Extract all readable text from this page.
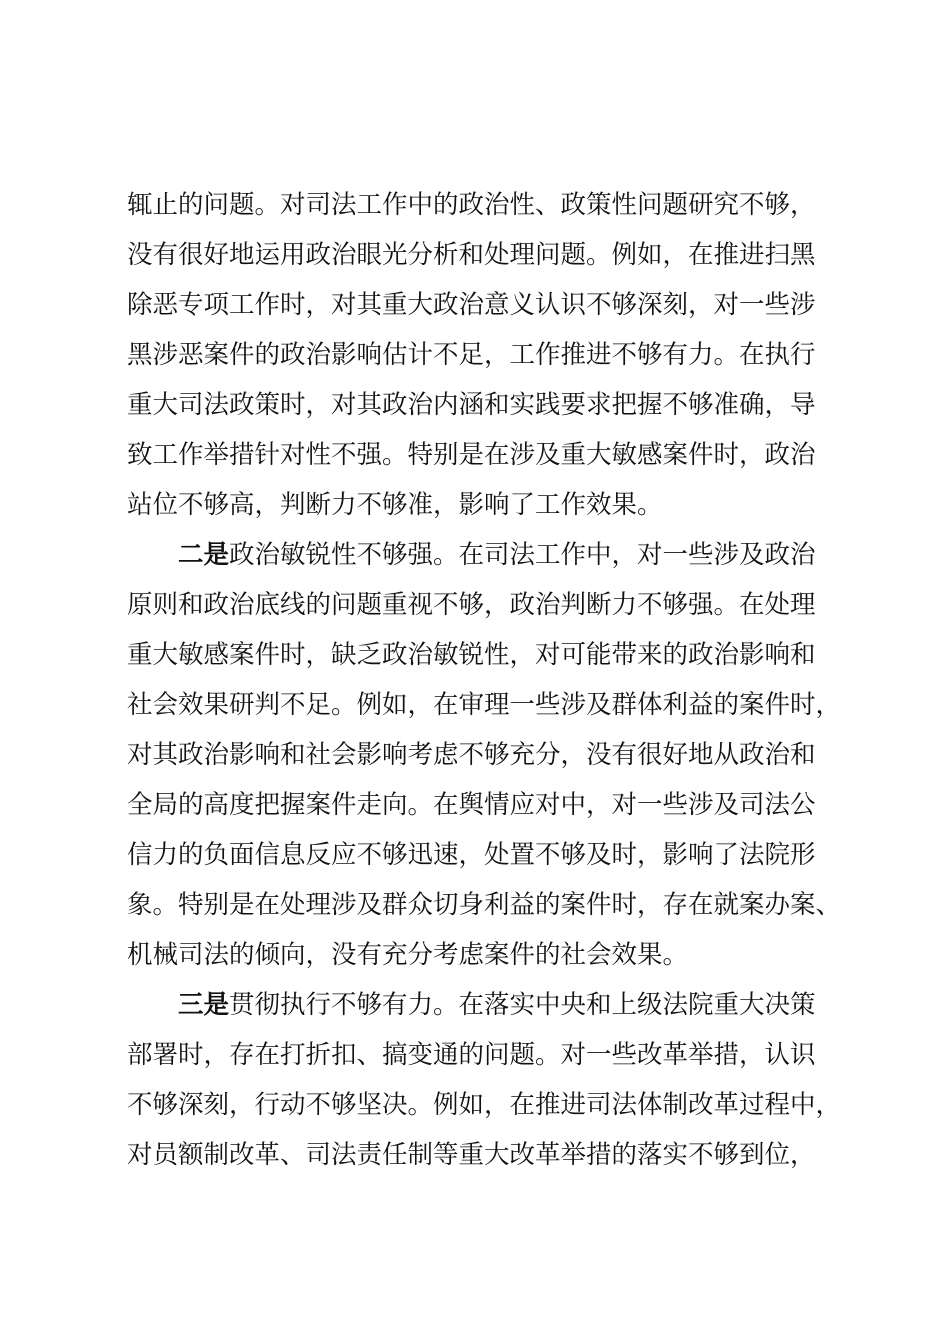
辄止的问题。对司法工作中的政治性、政策性问题研究不够，
没有很好地运用政治眼光分析和处理问题。例如，在推进扫黑
除恶专项工作时，对其重大政治意义认识不够深刻，对一些涉
黑涉恶案件的政治影响估计不足，工作推进不够有力。在执行
重大司法政策时，对其政治内涵和实践要求把握不够准确，导
致工作举措针对性不强。特别是在涉及重大敏感案件时，政治
站位不够高，判断力不够准，影响了工作效果。
二是政治敏锐性不够强。在司法工作中，对一些涉及政治
原则和政治底线的问题重视不够，政治判断力不够强。在处理
重大敏感案件时，缺乏政治敏锐性，对可能带来的政治影响和
社会效果研判不足。例如，在审理一些涉及群体利益的案件时，
对其政治影响和社会影响考虑不够充分，没有很好地从政治和
全局的高度把握案件走向。在舆情应对中，对一些涉及司法公
信力的负面信息反应不够迅速，处置不够及时，影响了法院形
象。特别是在处理涉及群众切身利益的案件时，存在就案办案、
机械司法的倾向，没有充分考虑案件的社会效果。
三是贯彻执行不够有力。在落实中央和上级法院重大决策
部署时，存在打折扣、搞变通的问题。对一些改革举措，认识
不够深刻，行动不够坚决。例如，在推进司法体制改革过程中，
对员额制改革、司法责任制等重大改革举措的落实不够到位，
